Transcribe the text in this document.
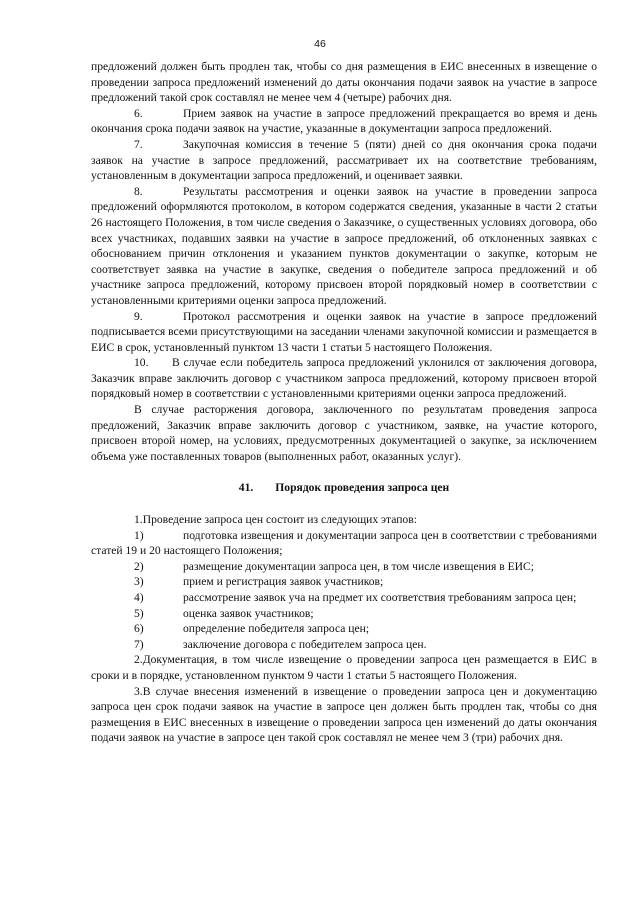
46

предложений должен быть продлен так, чтобы со дня размещения в ЕИС внесенных в извещение о проведении запроса предложений изменений до даты окончания подачи заявок на участие в запросе предложений такой срок составлял не менее чем 4 (четыре) рабочих дня.

6.	Прием заявок на участие в запросе предложений прекращается во время и день окончания срока подачи заявок на участие, указанные в документации запроса предложений.

7.	Закупочная комиссия в течение 5 (пяти) дней со дня окончания срока подачи заявок на участие в запросе предложений, рассматривает их на соответствие требованиям, установленным в документации запроса предложений, и оценивает заявки.

8.	Результаты рассмотрения и оценки заявок на участие в проведении запроса предложений оформляются протоколом, в котором содержатся сведения, указанные в части 2 статьи 26 настоящего Положения, в том числе сведения о Заказчике, о существенных условиях договора, обо всех участниках, подавших заявки на участие в запросе предложений, об отклоненных заявках с обоснованием причин отклонения и указанием пунктов документации о закупке, которым не соответствует заявка на участие в закупке, сведения о победителе запроса предложений и об участнике запроса предложений, которому присвоен второй порядковый номер в соответствии с установленными критериями оценки запроса предложений.

9.	Протокол рассмотрения и оценки заявок на участие в запросе предложений подписывается всеми присутствующими на заседании членами закупочной комиссии и размещается в ЕИС в срок, установленный пунктом 13 части 1 статьи 5 настоящего Положения.

10. В случае если победитель запроса предложений уклонился от заключения договора, Заказчик вправе заключить договор с участником запроса предложений, которому присвоен второй порядковый номер в соответствии с установленными критериями оценки запроса предложений.

В случае расторжения договора, заключенного по результатам проведения запроса предложений, Заказчик вправе заключить договор с участником, заявке, на участие которого, присвоен второй номер, на условиях, предусмотренных документацией о закупке, за исключением объема уже поставленных товаров (выполненных работ, оказанных услуг).

41. Порядок проведения запроса цен

1.Проведение запроса цен состоит из следующих этапов:

1)	подготовка извещения и документации запроса цен в соответствии с требованиями статей 19 и 20 настоящего Положения;

2)	размещение документации запроса цен, в том числе извещения в ЕИС;

3)	прием и регистрация заявок участников;

4)	рассмотрение заявок уча на предмет их соответствия требованиям запроса цен;

5)	оценка заявок участников;

6)	определение победителя запроса цен;

7)	заключение договора с победителем запроса цен.

2.Документация, в том числе извещение о проведении запроса цен размещается в ЕИС в сроки и в порядке, установленном пунктом 9 части 1 статьи 5 настоящего Положения.

3.В случае внесения изменений в извещение о проведении запроса цен и документацию запроса цен срок подачи заявок на участие в запросе цен должен быть продлен так, чтобы со дня размещения в ЕИС внесенных в извещение о проведении запроса цен изменений до даты окончания подачи заявок на участие в запросе цен такой срок составлял не менее чем 3 (три) рабочих дня.
